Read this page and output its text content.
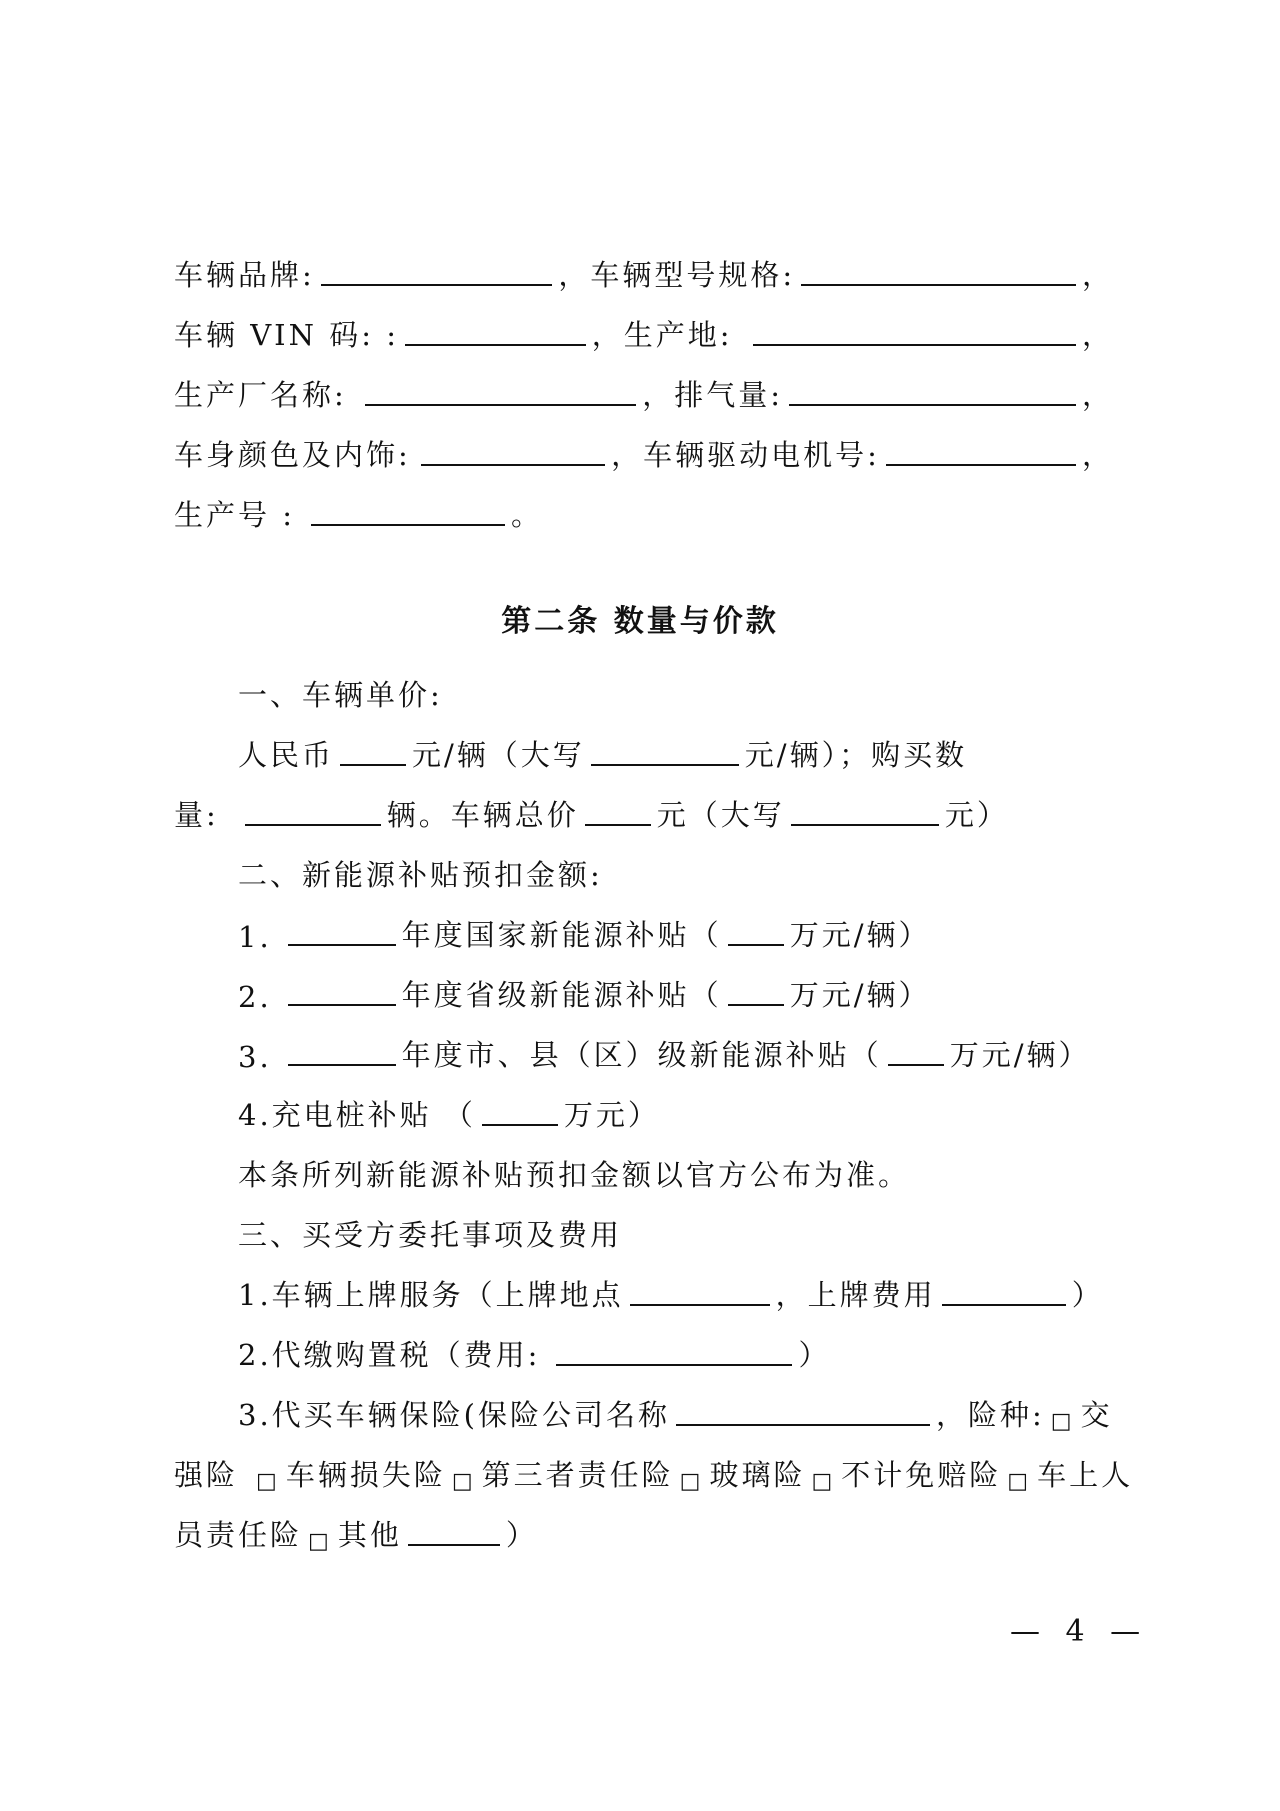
车辆品牌:	，车辆型号规格:	，
车辆 VIN 码: :	，生产地:	，
生产厂名称:	，排气量:	，
车身颜色及内饰:	，车辆驱动电机号:	，
生产号 :	。
第二条 数量与价款
一、车辆单价:
人民币	元/辆（大写	元/辆）；购买数
量:	辆。车辆总价	元（大写	元）
二、新能源补贴预扣金额:
1.	年度国家新能源补贴（ 万元/辆）
2.	年度省级新能源补贴（ 万元/辆）
3.	年度市、县（区）级新能源补贴（ 万元/辆）
4.充电桩补贴 （	万元）
本条所列新能源补贴预扣金额以官方公布为准。
三、买受方委托事项及费用
1.车辆上牌服务（上牌地点	，上牌费用	）
2.代缴购置税（费用:	）
3.代买车辆保险(保险公司名称	，险种: □ 交
强险 □ 车辆损失险 □ 第三者责任险 □ 玻璃险 □ 不计免赔险 □ 车上人
员责任险 □ 其他	）
— 4 —
